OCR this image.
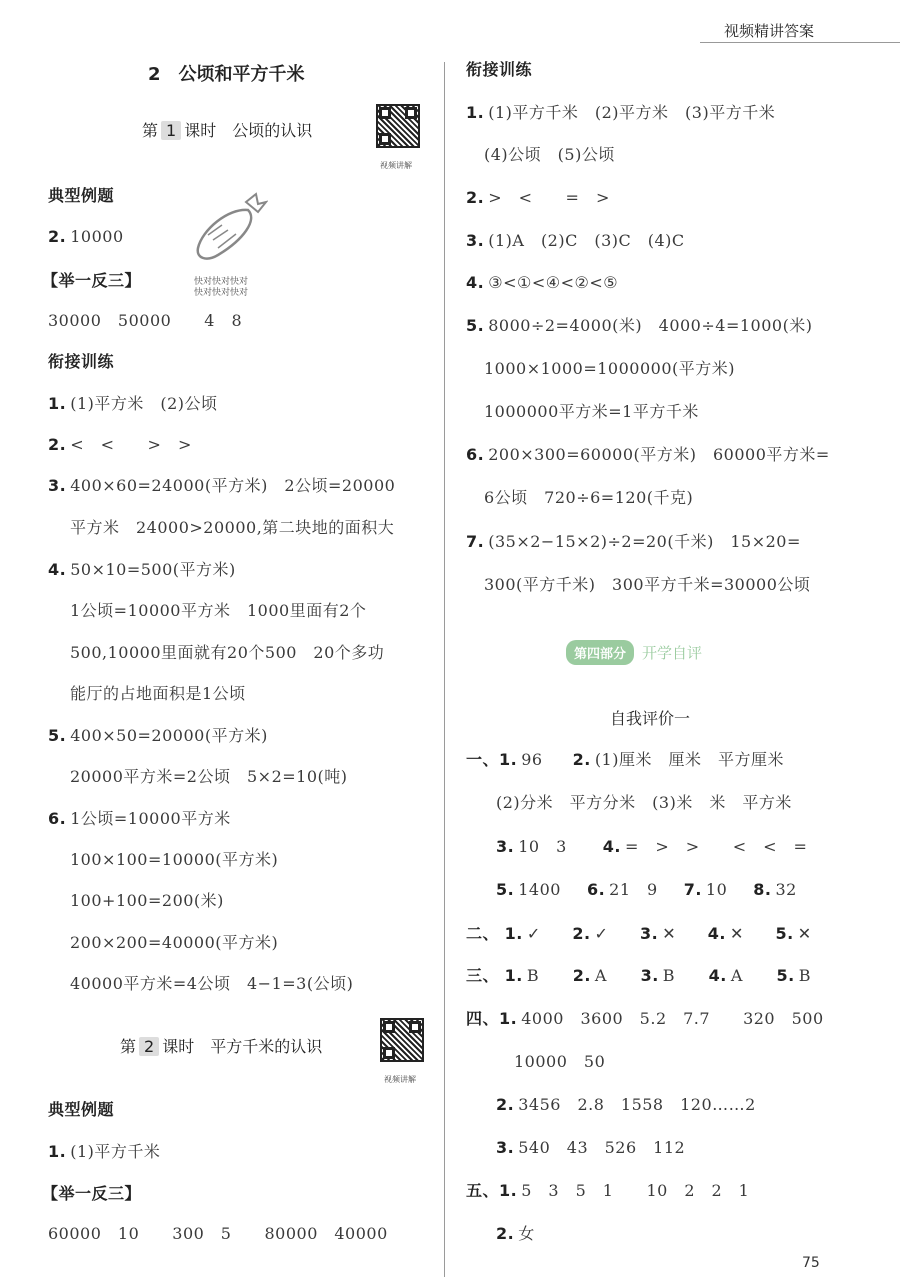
视频精讲答案
2　公顷和平方千米
第 1 课时　公顷的认识
视频讲解
快对快对快对
快对快对快对
典型例题
2. 10000
【举一反三】
30000　50000　　4　8
衔接训练
1. (1)平方米　(2)公顷
2. <　<　　>　>
3. 400×60=24000(平方米)　2公顷=20000
平方米　24000>20000,第二块地的面积大
4. 50×10=500(平方米)
1公顷=10000平方米　1000里面有2个
500,10000里面就有20个500　20个多功
能厅的占地面积是1公顷
5. 400×50=20000(平方米)
20000平方米=2公顷　5×2=10(吨)
6. 1公顷=10000平方米
100×100=10000(平方米)
100+100=200(米)
200×200=40000(平方米)
40000平方米=4公顷　4−1=3(公顷)
第 2 课时　平方千米的认识
视频讲解
典型例题
1. (1)平方千米
【举一反三】
60000　10　　300　5　　80000　40000
衔接训练
1. (1)平方千米　(2)平方米　(3)平方千米
(4)公顷　(5)公顷
2. >　<　　=　>
3. (1)A　(2)C　(3)C　(4)C
4. ③<①<④<②<⑤
5. 8000÷2=4000(米)　4000÷4=1000(米)
1000×1000=1000000(平方米)
1000000平方米=1平方千米
6. 200×300=60000(平方米)　60000平方米=
6公顷　720÷6=120(千克)
7. (35×2−15×2)÷2=20(千米)　15×20=
300(平方千米)　300平方千米=30000公顷
第四部分 开学自评
自我评价一
一、1. 96 2. (1)厘米　厘米　平方厘米
(2)分米　平方分米　(3)米　米　平方米
3. 10　3 4. =　>　>　　<　<　=
5. 1400 6. 21　9 7. 10 8. 32
二、 1. ✓ 2. ✓ 3. ✕ 4. ✕ 5. ✕
三、 1. B 2. A 3. B 4. A 5. B
四、1. 4000　3600　5.2　7.7　　320　500
10000　50
2. 3456　2.8　1558　120……2
3. 540　43　526　112
五、1. 5　3　5　1　　10　2　2　1
2. 女
75
